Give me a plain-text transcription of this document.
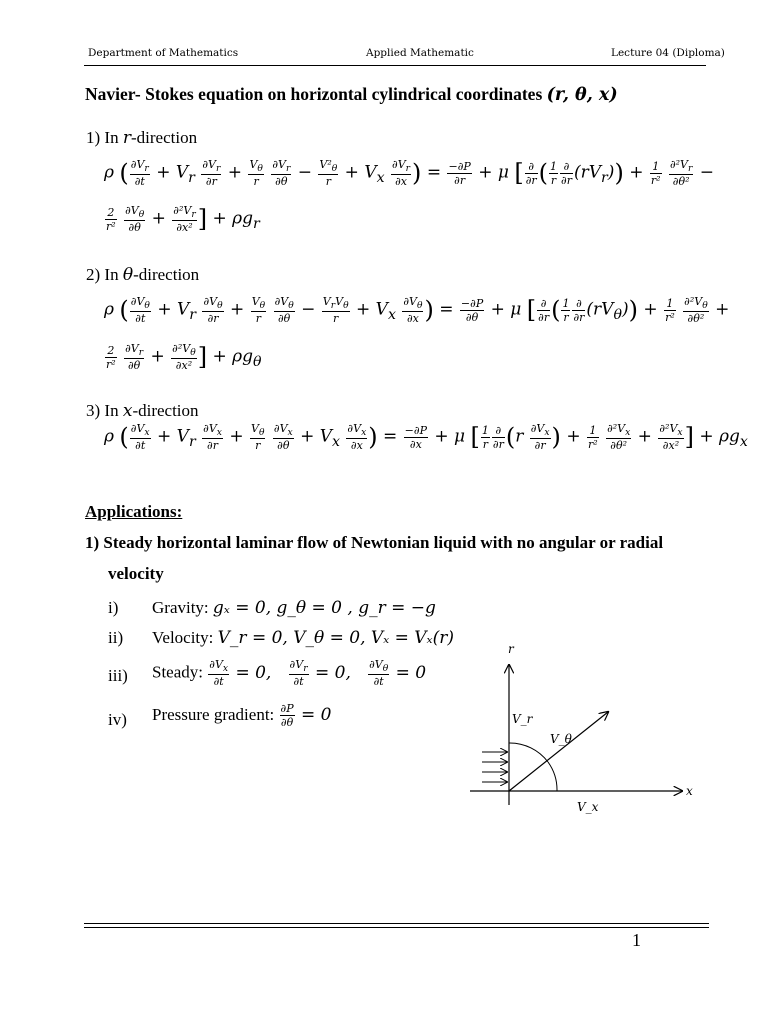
Department of Mathematics	Applied Mathematic	Lecture 04 (Diploma)
Navier- Stokes equation on horizontal cylindrical coordinates (r, θ, x)
1) In r-direction
ρ ( $\frac{\partial V_r}{\partial t} + V_r \frac{\partial V_r}{\partial r} + \frac{V_\theta}{r}$
$\frac{\partial V_r}{\partial\theta} - \frac{V^2_\theta}{r} + V_x \frac{\partial V_r}{\partial x}$ ) = $\frac{-\partial P}{\partial r} + \mu$ [ ∂
∂r ( $\frac{1}{r}$ ∂
∂r $(rV_r)) + \frac{1}{\text{r²}}$
$\frac{\partial^2V_r}{\text{∂θ²}}$ −
$\frac{2}{\text{r²}}$
$\frac{\partial V_\theta}{\partial\theta} + \frac{\partial^2V_r}{\text{∂x²}}$ ] + $\rho g_r$
2) In θ-direction
ρ ( $\frac{\partial V_\theta}{\partial t} + V_r \frac{\partial V_\theta}{\partial r} + \frac{V_\theta}{r}$
$\frac{\partial V_\theta}{\partial\theta} - V_rV_\theta$
$r + V_x \frac{\partial V_\theta}{\partial x}$ ) = $\frac{-\partial P}{\partial\theta} + \mu$ [ ∂
∂r ( $\frac{1}{r}$ ∂
∂r $(rV_\theta)) + \frac{1}{\text{r²}}$
$\frac{\partial^2V_\theta}{\text{∂θ²}}$ +
$\frac{2}{\text{r²}}$
$\frac{\partial V_r}{\partial\theta} + \frac{\partial^2V_\theta}{\text{∂x²}}$ ] + $\rho g_\theta$
3) In x-direction
ρ ( $\frac{\partial V_x}{\partial t} + V_r \frac{\partial V_x}{\partial r} + \frac{V_\theta}{r}$
$\frac{\partial V_x}{\partial\theta} + V_x \frac{\partial V_x}{\partial x}$ ) = $\frac{-\partial P}{\partial x} + \mu$ [ $\frac{1}{r}$ ∂
∂r ($r \frac{\partial V_x}{\partial r}$ ) + $\frac{1}{\text{r²}}$
$\frac{\partial^2V_x}{\text{∂θ²}} + \frac{\partial^2V_x}{\text{∂x²}}$ ] + $\rho g_x$
Applications:
1) Steady horizontal laminar flow of Newtonian liquid with no angular or radial
velocity
i) Gravity: gₓ = 0, g_θ = 0 , g_r = −g
ii) Velocity: V_r = 0, V_θ = 0, Vₓ = Vₓ(r)
iii) Steady: $\frac{\partial V_x}{\partial t} = 0$, $\frac{\partial V_r}{\partial t} = 0$, $\frac{\partial V_\theta}{\partial t} = 0$
iv) Pressure gradient: $\frac{\partial P}{\partial\theta} = 0$
r
x
V_r
V_θ
V_x
1
